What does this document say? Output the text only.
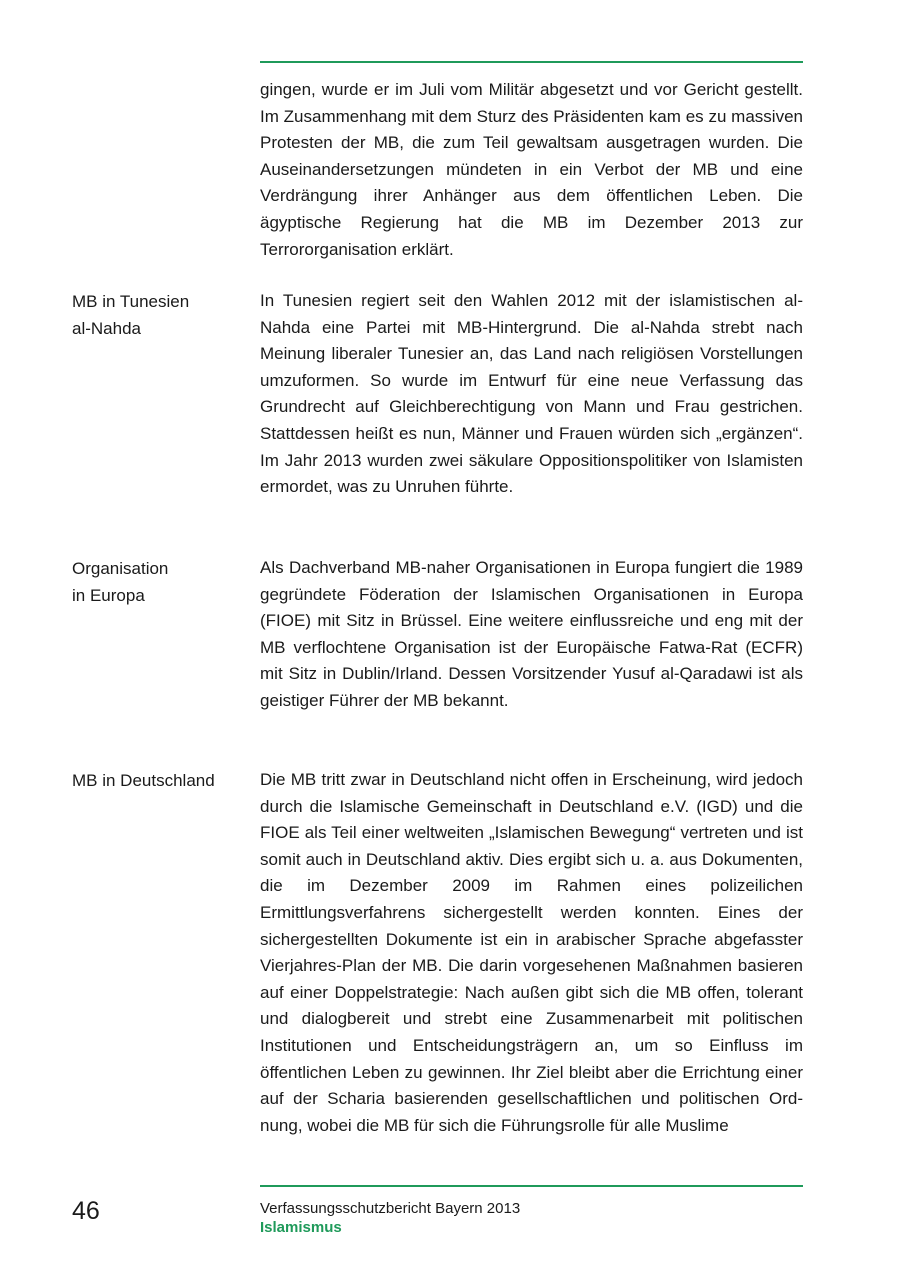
gingen, wurde er im Juli vom Militär abgesetzt und vor Gericht gestellt. Im Zusammenhang mit dem Sturz des Präsidenten kam es zu massiven Protesten der MB, die zum Teil gewaltsam ausgetragen wurden. Die Auseinandersetzungen mündeten in ein Verbot der MB und eine Verdrängung ihrer Anhänger aus dem öffentlichen Leben. Die ägyptische Regierung hat die MB im Dezember 2013 zur Terrororganisation erklärt.

MB in Tunesien
al-Nahda

In Tunesien regiert seit den Wahlen 2012 mit der islamistischen al-Nahda eine Partei mit MB-Hintergrund. Die al-Nahda strebt nach Meinung liberaler Tunesier an, das Land nach religiösen Vorstellungen umzuformen. So wurde im Entwurf für eine neue Verfassung das Grundrecht auf Gleichberechtigung von Mann und Frau gestrichen. Stattdessen heißt es nun, Männer und Frauen würden sich „ergänzen“. Im Jahr 2013 wurden zwei säkulare Oppositionspolitiker von Islamisten ermordet, was zu Unruhen führte.

Organisation
in Europa

Als Dachverband MB-naher Organisationen in Europa fungiert die 1989 gegründete Föderation der Islamischen Organisationen in Europa (FIOE) mit Sitz in Brüssel. Eine weitere einflussreiche und eng mit der MB verflochtene Organisation ist der Europäische Fatwa-Rat (ECFR) mit Sitz in Dublin/Irland. Dessen Vorsitzender Yusuf al-Qaradawi ist als geistiger Führer der MB bekannt.

MB in Deutschland	Die MB tritt zwar in Deutschland nicht offen in Erscheinung, wird jedoch durch die Islamische Gemeinschaft in Deutschland e.V. (IGD) und die FIOE als Teil einer weltweiten „Islamischen Bewegung“ vertreten und ist somit auch in Deutschland aktiv. Dies ergibt sich u. a. aus Dokumenten, die im Dezember 2009 im Rahmen eines polizeilichen Ermittlungsverfahrens sichergestellt werden konnten. Eines der sichergestellten Dokumente ist ein in arabischer Sprache abgefasster Vierjahres-Plan der MB. Die darin vorgesehenen Maßnahmen basieren auf einer Doppelstrategie: Nach außen gibt sich die MB offen, tolerant und dialogbereit und strebt eine Zusammenarbeit mit politischen Institutionen und Entscheidungsträgern an, um so Einfluss im öffentlichen Leben zu gewinnen. Ihr Ziel bleibt aber die Errichtung einer auf der Scharia basierenden gesellschaftlichen und politischen Ordnung, wobei die MB für sich die Führungsrolle für alle Muslime

46	Verfassungsschutzbericht Bayern 2013

Islamismus
